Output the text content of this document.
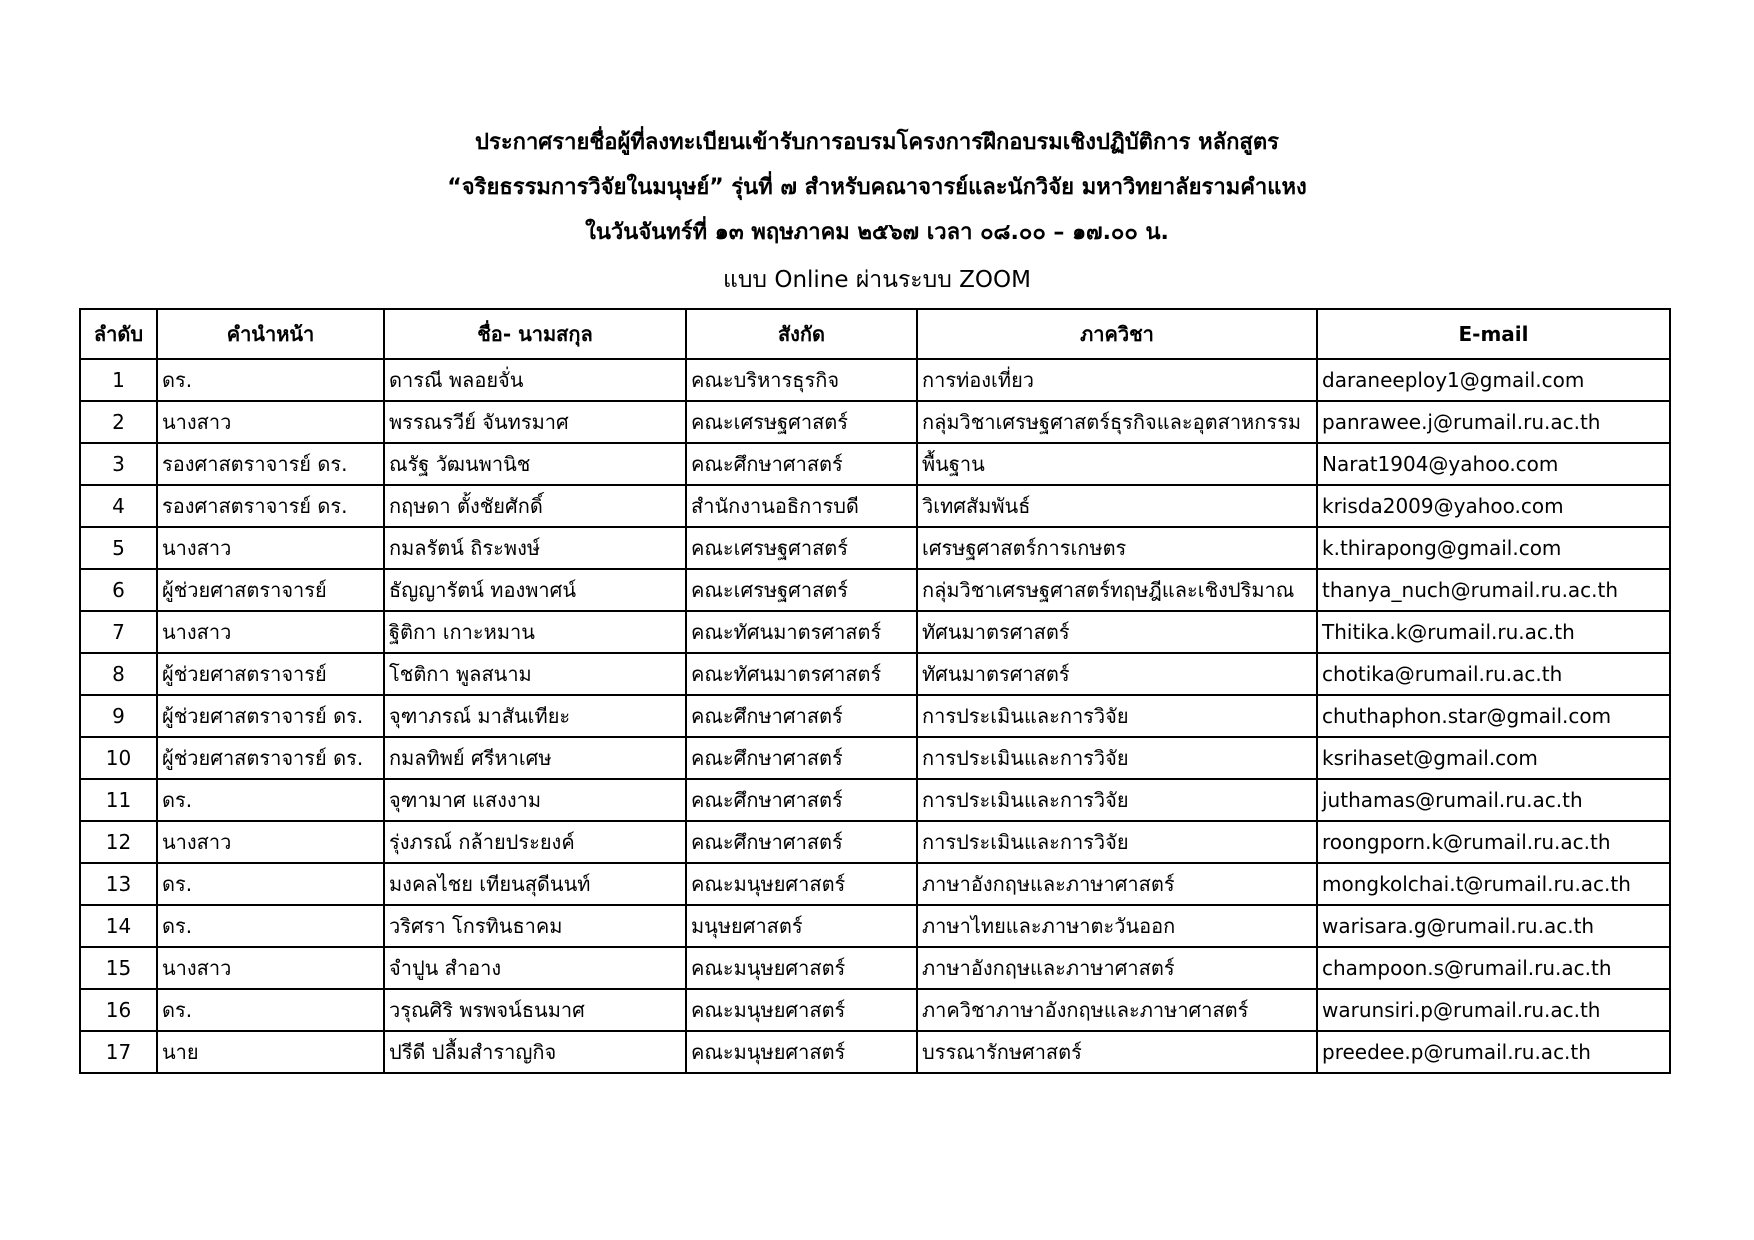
ประกาศรายชื่อผู้ที่ลงทะเบียนเข้ารับการอบรมโครงการฝึกอบรมเชิงปฏิบัติการ หลักสูตร
“จริยธรรมการวิจัยในมนุษย์” รุ่นที่ ๗ สำหรับคณาจารย์และนักวิจัย มหาวิทยาลัยรามคำแหง
ในวันจันทร์ที่ ๑๓ พฤษภาคม ๒๕๖๗ เวลา ๐๘.๐๐ – ๑๗.๐๐ น.
แบบ Online ผ่านระบบ ZOOM
ลำดับ	คำนำหน้า	ชื่อ- นามสกุล	สังกัด	ภาควิชา	E-mail
1	ดร.	ดารณี พลอยจั่น	คณะบริหารธุรกิจ	การท่องเที่ยว	daraneeploy1@gmail.com
2	นางสาว	พรรณรวีย์ จันทรมาศ	คณะเศรษฐศาสตร์	กลุ่มวิชาเศรษฐศาสตร์ธุรกิจและอุตสาหกรรม	panrawee.j@rumail.ru.ac.th
3	รองศาสตราจารย์ ดร.	ณรัฐ วัฒนพานิช	คณะศึกษาศาสตร์	พื้นฐาน	Narat1904@yahoo.com
4	รองศาสตราจารย์ ดร.	กฤษดา ตั้งชัยศักดิ์	สำนักงานอธิการบดี	วิเทศสัมพันธ์	krisda2009@yahoo.com
5	นางสาว	กมลรัตน์ ถิระพงษ์	คณะเศรษฐศาสตร์	เศรษฐศาสตร์การเกษตร	k.thirapong@gmail.com
6	ผู้ช่วยศาสตราจารย์	ธัญญารัตน์ ทองพาศน์	คณะเศรษฐศาสตร์	กลุ่มวิชาเศรษฐศาสตร์ทฤษฎีและเชิงปริมาณ	thanya_nuch@rumail.ru.ac.th
7	นางสาว	ฐิติกา เกาะหมาน	คณะทัศนมาตรศาสตร์	ทัศนมาตรศาสตร์	Thitika.k@rumail.ru.ac.th
8	ผู้ช่วยศาสตราจารย์	โชติกา พูลสนาม	คณะทัศนมาตรศาสตร์	ทัศนมาตรศาสตร์	chotika@rumail.ru.ac.th
9	ผู้ช่วยศาสตราจารย์ ดร.	จุฑาภรณ์ มาสันเทียะ	คณะศึกษาศาสตร์	การประเมินและการวิจัย	chuthaphon.star@gmail.com
10	ผู้ช่วยศาสตราจารย์ ดร.	กมลทิพย์ ศรีหาเศษ	คณะศึกษาศาสตร์	การประเมินและการวิจัย	ksrihaset@gmail.com
11	ดร.	จุฑามาศ แสงงาม	คณะศึกษาศาสตร์	การประเมินและการวิจัย	juthamas@rumail.ru.ac.th
12	นางสาว	รุ่งภรณ์ กล้ายประยงค์	คณะศึกษาศาสตร์	การประเมินและการวิจัย	roongporn.k@rumail.ru.ac.th
13	ดร.	มงคลไชย เทียนสุดีนนท์	คณะมนุษยศาสตร์	ภาษาอังกฤษและภาษาศาสตร์	mongkolchai.t@rumail.ru.ac.th
14	ดร.	วริศรา โกรทินธาคม	มนุษยศาสตร์	ภาษาไทยและภาษาตะวันออก	warisara.g@rumail.ru.ac.th
15	นางสาว	จำปูน สำอาง	คณะมนุษยศาสตร์	ภาษาอังกฤษและภาษาศาสตร์	champoon.s@rumail.ru.ac.th
16	ดร.	วรุณศิริ พรพจน์ธนมาศ	คณะมนุษยศาสตร์	ภาควิชาภาษาอังกฤษและภาษาศาสตร์	warunsiri.p@rumail.ru.ac.th
17	นาย	ปรีดี ปลื้มสำราญกิจ	คณะมนุษยศาสตร์	บรรณารักษศาสตร์	preedee.p@rumail.ru.ac.th
